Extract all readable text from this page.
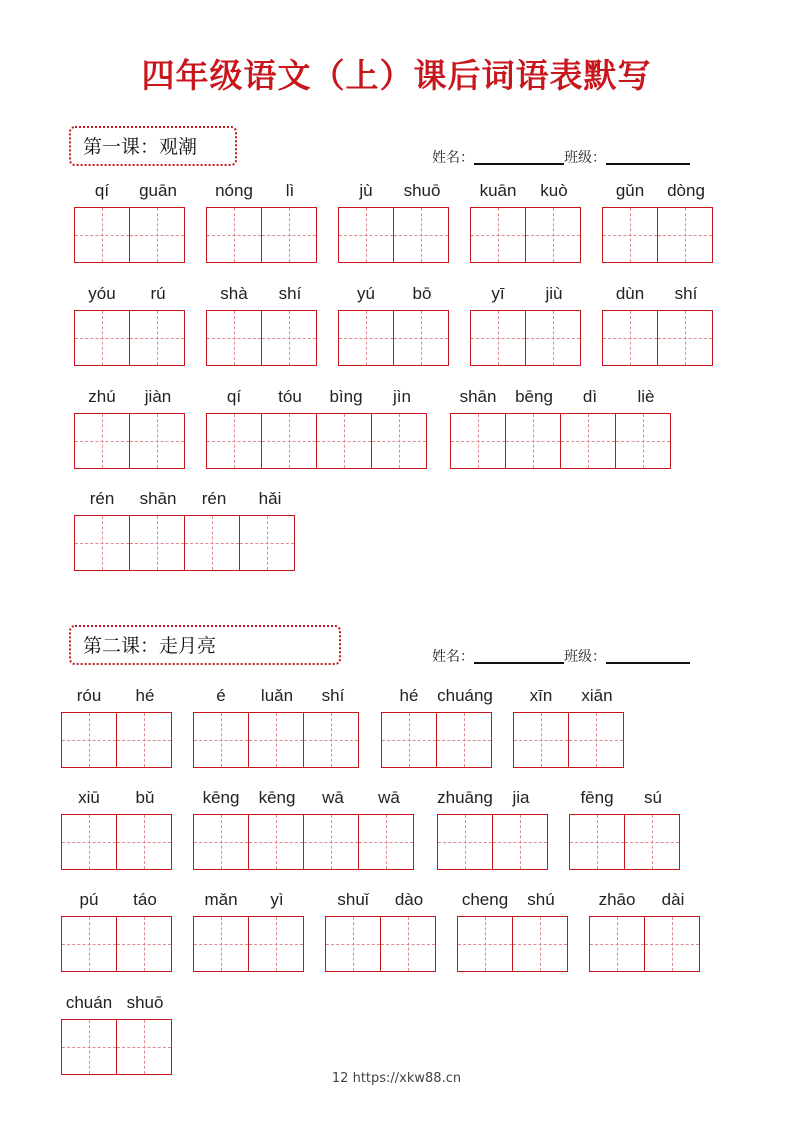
四年级语文（上）课后词语表默写
第一课：观潮	姓名：	班级：
第二课：走月亮	姓名：	班级：
qí	guān	nóng	lì	jù	shuō	kuān	kuò	gǔn	dòng
yóu	rú	shà	shí	yú	bō	yī	jiù	dùn	shí
zhú	jiàn	qí	tóu	bìng	jìn	shān	bēng	dì	liè
rén	shān	rén	hǎi
róu	hé	é	luǎn	shí	hé	chuáng	xīn	xiān
xiū	bǔ	kēng	kēng	wā	wā	zhuāng	jia	fēng	sú
pú	táo	mǎn	yì	shuǐ	dào	cheng	shú	zhāo	dài
chuán shuō
12 https://xkw88.cn
